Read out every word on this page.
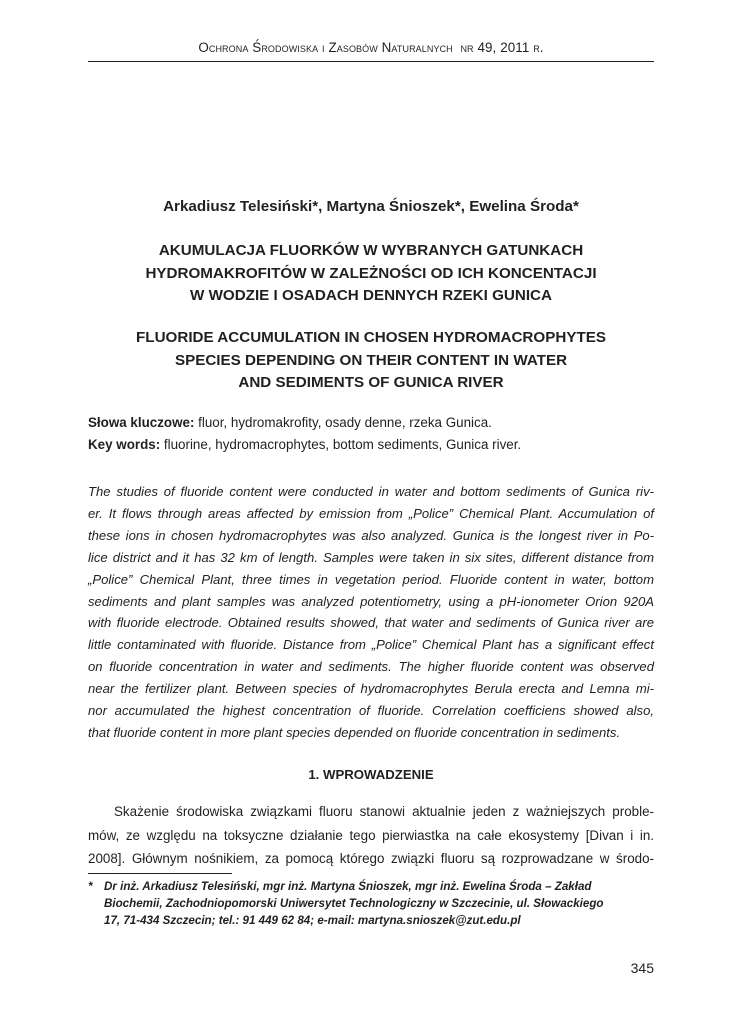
Ochrona Środowiska i Zasobów Naturalnych nr 49, 2011 r.
Arkadiusz Telesiński*, Martyna Śnioszek*, Ewelina Środa*
AKUMULACJA FLUORKÓW W WYBRANYCH GATUNKACH
HYDROMAKROFITÓW W ZALEŻNOŚCI OD ICH KONCENTACJI
W WODZIE I OSADACH DENNYCH RZEKI GUNICA
FLUORIDE ACCUMULATION IN CHOSEN HYDROMACROPHYTES
SPECIES DEPENDING ON THEIR CONTENT IN WATER
AND SEDIMENTS OF GUNICA RIVER
Słowa kluczowe: fluor, hydromakrofity, osady denne, rzeka Gunica.
Key words: fluorine, hydromacrophytes, bottom sediments, Gunica river.
The studies of fluoride content were conducted in water and bottom sediments of Gunica riv-
er. It flows through areas affected by emission from „Police” Chemical Plant. Accumulation of
these ions in chosen hydromacrophytes was also analyzed. Gunica is the longest river in Po-
lice district and it has 32 km of length. Samples were taken in six sites, different distance from
„Police” Chemical Plant, three times in vegetation period. Fluoride content in water, bottom
sediments and plant samples was analyzed potentiometry, using a pH-ionometer Orion 920A
with fluoride electrode. Obtained results showed, that water and sediments of Gunica river are
little contaminated with fluoride. Distance from „Police” Chemical Plant has a significant effect
on fluoride concentration in water and sediments. The higher fluoride content was observed
near the fertilizer plant. Between species of hydromacrophytes Berula erecta and Lemna mi-
nor accumulated the highest concentration of fluoride. Correlation coefficiens showed also,
that fluoride content in more plant species depended on fluoride concentration in sediments.
1. WPROWADZENIE
Skażenie środowiska związkami fluoru stanowi aktualnie jeden z ważniejszych proble-
mów, ze względu na toksyczne działanie tego pierwiastka na całe ekosystemy [Divan i in.
2008]. Głównym nośnikiem, za pomocą którego związki fluoru są rozprowadzane w środo-
* Dr inż. Arkadiusz Telesiński, mgr inż. Martyna Śnioszek, mgr inż. Ewelina Środa – Zakład
Biochemii, Zachodniopomorski Uniwersytet Technologiczny w Szczecinie, ul. Słowackiego
17, 71-434 Szczecin; tel.: 91 449 62 84; e-mail: martyna.snioszek@zut.edu.pl
345
